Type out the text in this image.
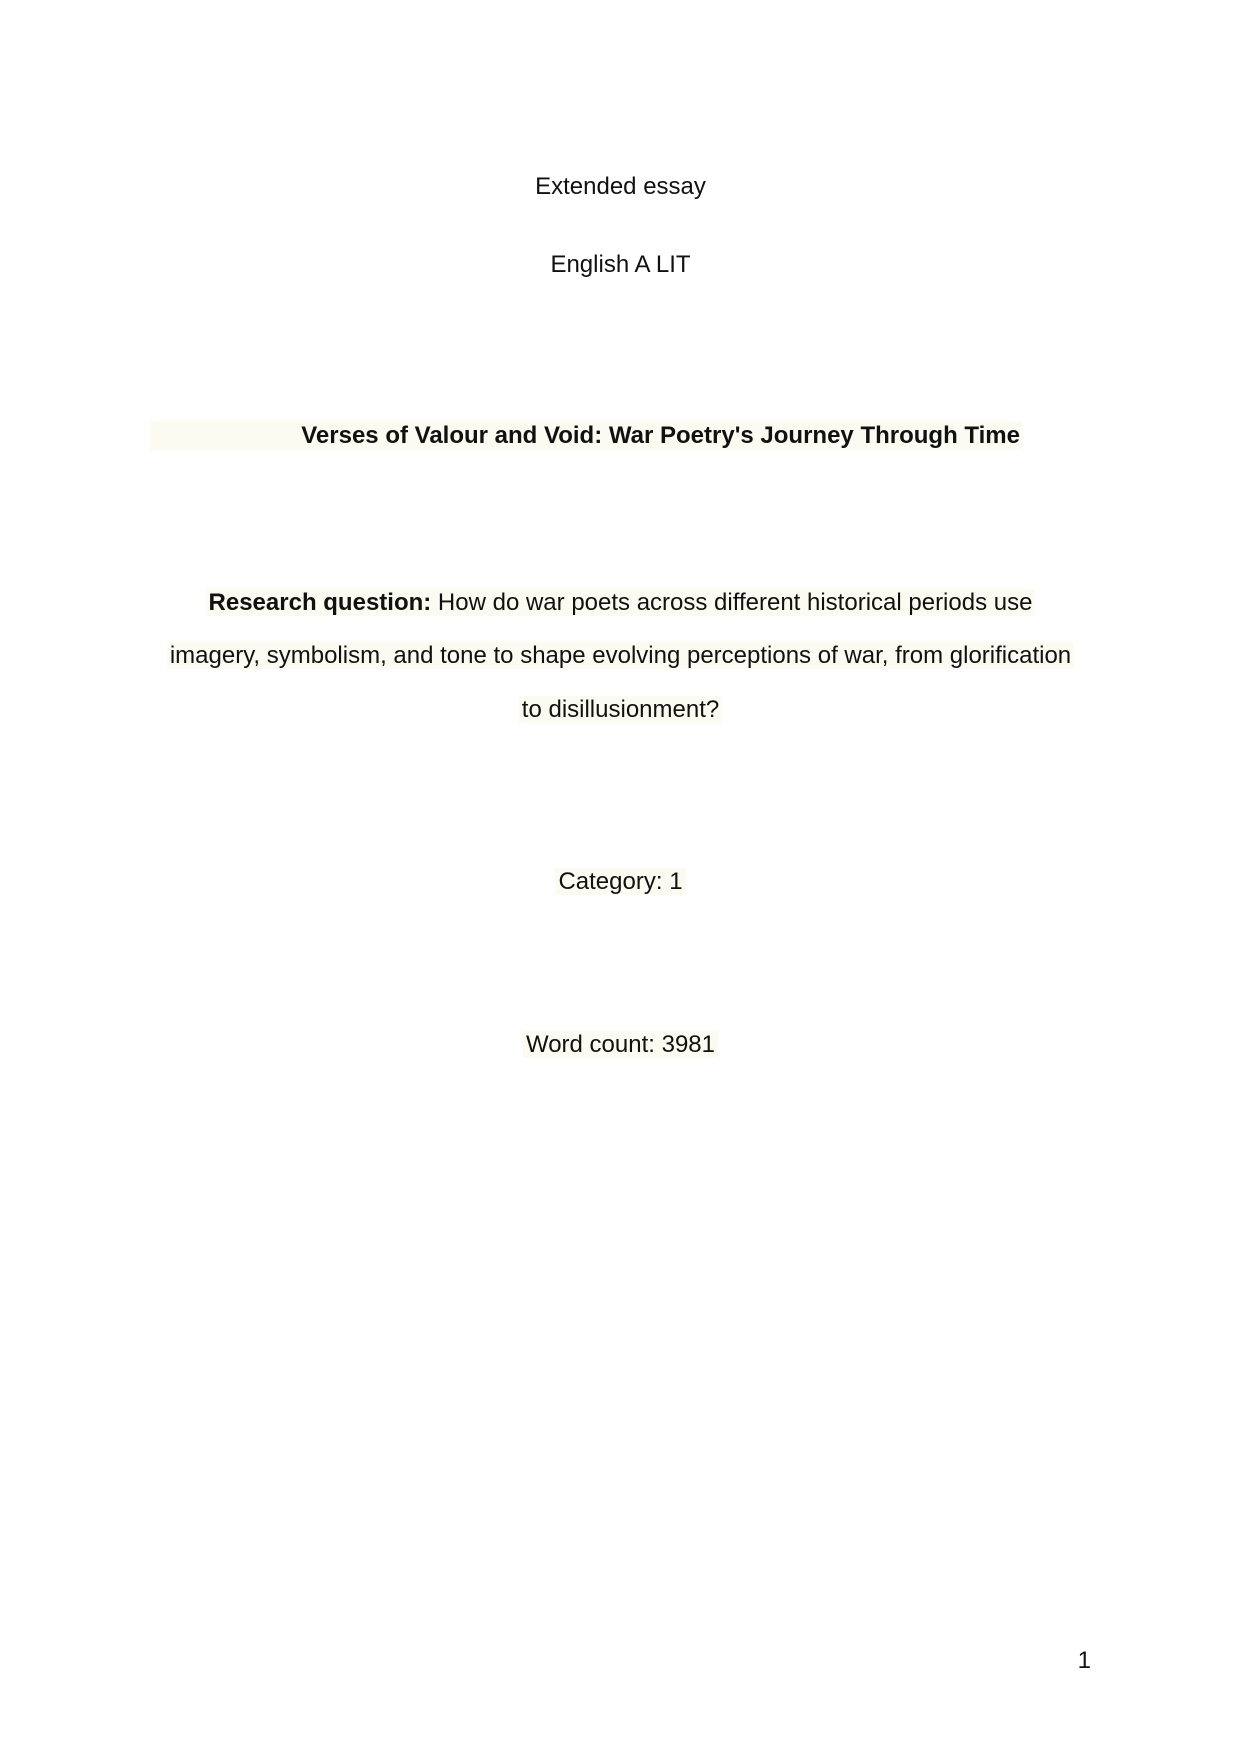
Extended essay
English A LIT
Verses of Valour and Void: War Poetry's Journey Through Time
Research question: How do war poets across different historical periods use
imagery, symbolism, and tone to shape evolving perceptions of war, from glorification
to disillusionment?
Category: 1
Word count: 3981
1
